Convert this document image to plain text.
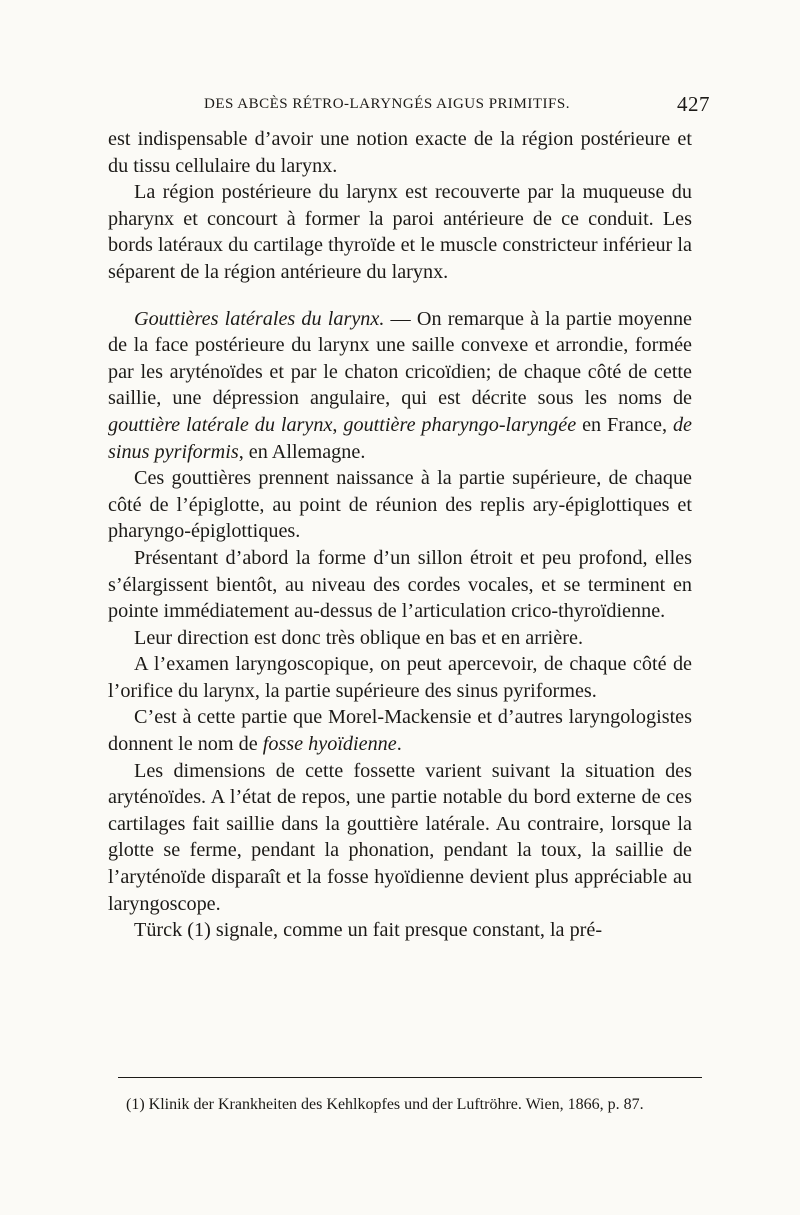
DES ABCÈS RÉTRO-LARYNGÉS AIGUS PRIMITIFS.	427

est indispensable d’avoir une notion exacte de la région postérieure et du tissu cellulaire du larynx.

La région postérieure du larynx est recouverte par la muqueuse du pharynx et concourt à former la paroi antérieure de ce conduit. Les bords latéraux du cartilage thyroïde et le muscle constricteur inférieur la séparent de la région antérieure du larynx.

Gouttières latérales du larynx. — On remarque à la partie moyenne de la face postérieure du larynx une saille convexe et arrondie, formée par les aryténoïdes et par le chaton cricoïdien; de chaque côté de cette saillie, une dépression angulaire, qui est décrite sous les noms de gouttière latérale du larynx, gouttière pharyngo-laryngée en France, de sinus pyriformis, en Allemagne.

Ces gouttières prennent naissance à la partie supérieure, de chaque côté de l’épiglotte, au point de réunion des replis ary-épiglottiques et pharyngo-épiglottiques.

Présentant d’abord la forme d’un sillon étroit et peu profond, elles s’élargissent bientôt, au niveau des cordes vocales, et se terminent en pointe immédiatement au-dessus de l’articulation crico-thyroïdienne.

Leur direction est donc très oblique en bas et en arrière.

A l’examen laryngoscopique, on peut apercevoir, de chaque côté de l’orifice du larynx, la partie supérieure des sinus pyriformes.

C’est à cette partie que Morel-Mackensie et d’autres laryngologistes donnent le nom de fosse hyoïdienne.

Les dimensions de cette fossette varient suivant la situation des aryténoïdes. A l’état de repos, une partie notable du bord externe de ces cartilages fait saillie dans la gouttière latérale. Au contraire, lorsque la glotte se ferme, pendant la phonation, pendant la toux, la saillie de l’aryténoïde disparaît et la fosse hyoïdienne devient plus appréciable au laryngoscope.

Türck (1) signale, comme un fait presque constant, la pré-

(1) Klinik der Krankheiten des Kehlkopfes und der Luftröhre. Wien, 1866, p. 87.
